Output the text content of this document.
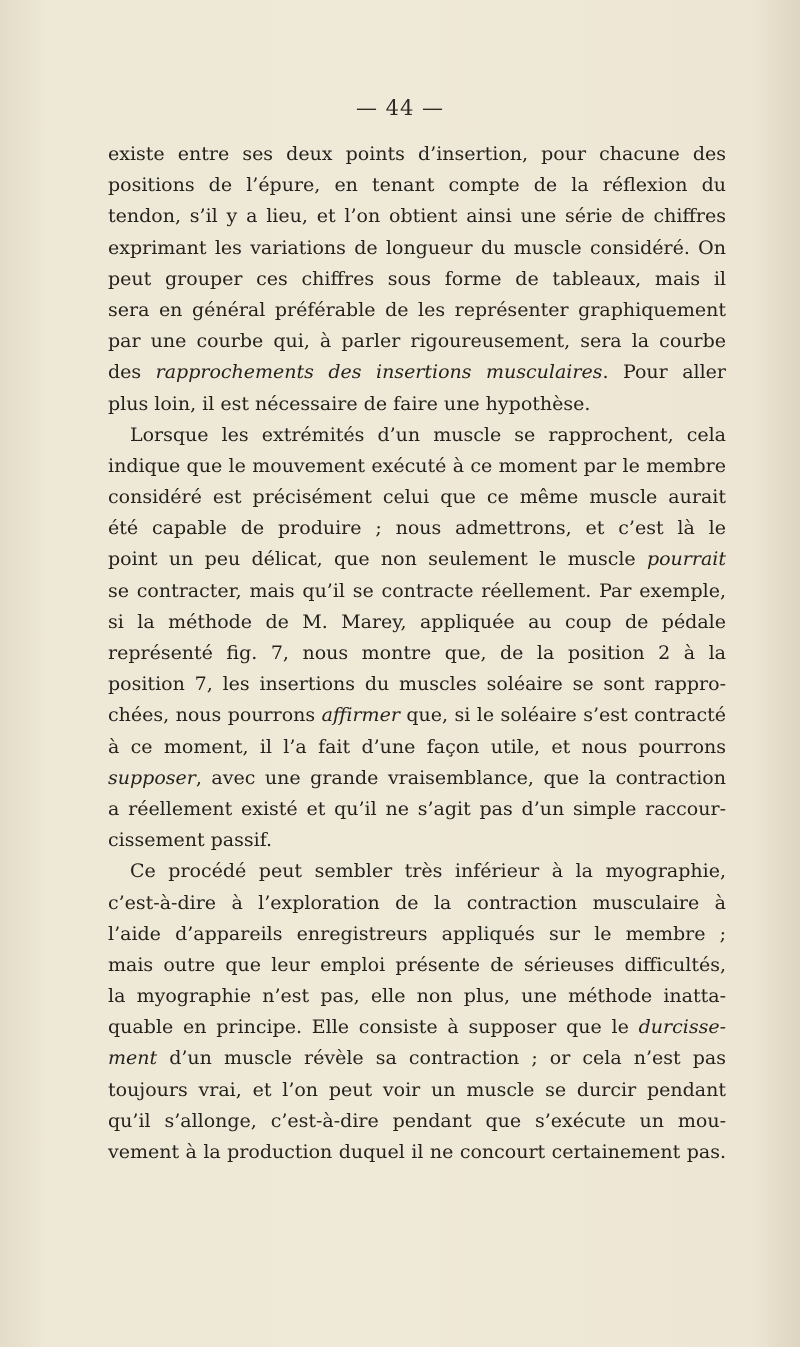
— 44 —
existe entre ses deux points d’insertion, pour chacune des
positions de l’épure, en tenant compte de la réflexion du
tendon, s’il y a lieu, et l’on obtient ainsi une série de chiffres
exprimant les variations de longueur du muscle considéré. On
peut grouper ces chiffres sous forme de tableaux, mais il
sera en général préférable de les représenter graphiquement
par une courbe qui, à parler rigoureusement, sera la courbe
des rapprochements des insertions musculaires. Pour aller
plus loin, il est nécessaire de faire une hypothèse.
Lorsque les extrémités d’un muscle se rapprochent, cela
indique que le mouvement exécuté à ce moment par le membre
considéré est précisément celui que ce même muscle aurait
été capable de produire ; nous admettrons, et c’est là le
point un peu délicat, que non seulement le muscle pourrait
se contracter, mais qu’il se contracte réellement. Par exemple,
si la méthode de M. Marey, appliquée au coup de pédale
représenté fig. 7, nous montre que, de la position 2 à la
position 7, les insertions du muscles soléaire se sont rappro-
chées, nous pourrons affirmer que, si le soléaire s’est contracté
à ce moment, il l’a fait d’une façon utile, et nous pourrons
supposer, avec une grande vraisemblance, que la contraction
a réellement existé et qu’il ne s’agit pas d’un simple raccour-
cissement passif.
Ce procédé peut sembler très inférieur à la myographie,
c’est-à-dire à l’exploration de la contraction musculaire à
l’aide d’appareils enregistreurs appliqués sur le membre ;
mais outre que leur emploi présente de sérieuses difficultés,
la myographie n’est pas, elle non plus, une méthode inatta-
quable en principe. Elle consiste à supposer que le durcisse-
ment d’un muscle révèle sa contraction ; or cela n’est pas
toujours vrai, et l’on peut voir un muscle se durcir pendant
qu’il s’allonge, c’est-à-dire pendant que s’exécute un mou-
vement à la production duquel il ne concourt certainement pas.
